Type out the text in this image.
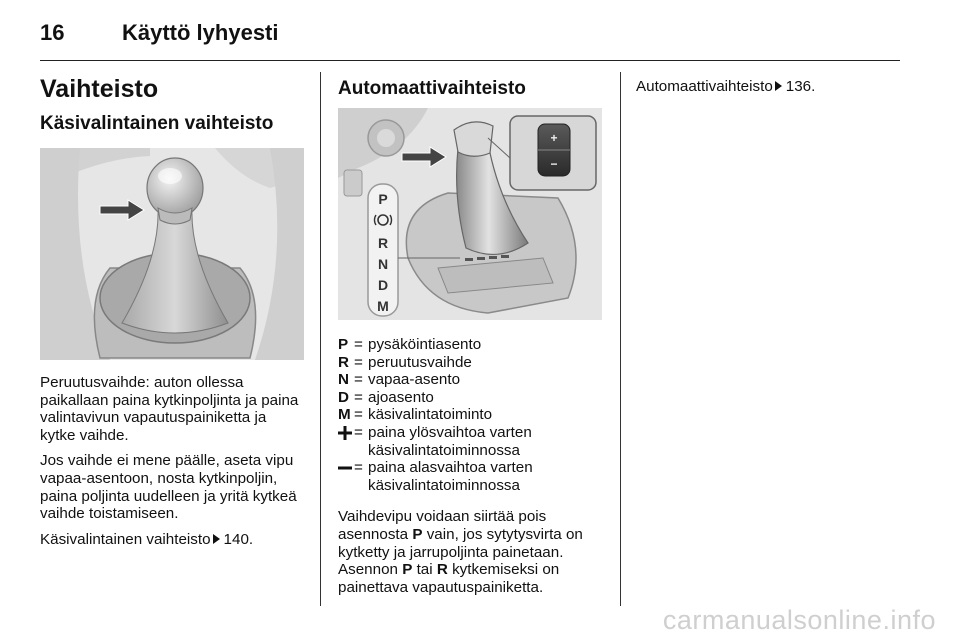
16	Käyttö lyhyesti
Vaihteisto
Käsivalintainen vaihteisto

Peruutusvaihde: auton ollessa paikallaan paina kytkinpoljinta ja paina valintavivun vapautuspainiketta ja kytke vaihde.

Jos vaihde ei mene päälle, aseta vipu vapaa-asentoon, nosta kytkinpoljin, paina poljinta uudelleen ja yritä kytkeä vaihde toistamiseen.

Käsivalintainen vaihteisto 140.

Automaattivaihteisto
+
−
P
R
N
D
M
P = pysäköintiasento
R = peruutusvaihde
N = vapaa-asento
D = ajoasento
M = käsivalintatoiminto
= paina ylösvaihtoa varten käsivalintatoiminnossa
= paina alasvaihtoa varten käsivalintatoiminnossa

Vaihdevipu voidaan siirtää pois asennosta P vain, jos sytytysvirta on kytketty ja jarrupoljinta painetaan. Asennon P tai R kytkemiseksi on painettava vapautuspainiketta.

Automaattivaihteisto 136.

carmanualsonline.info
